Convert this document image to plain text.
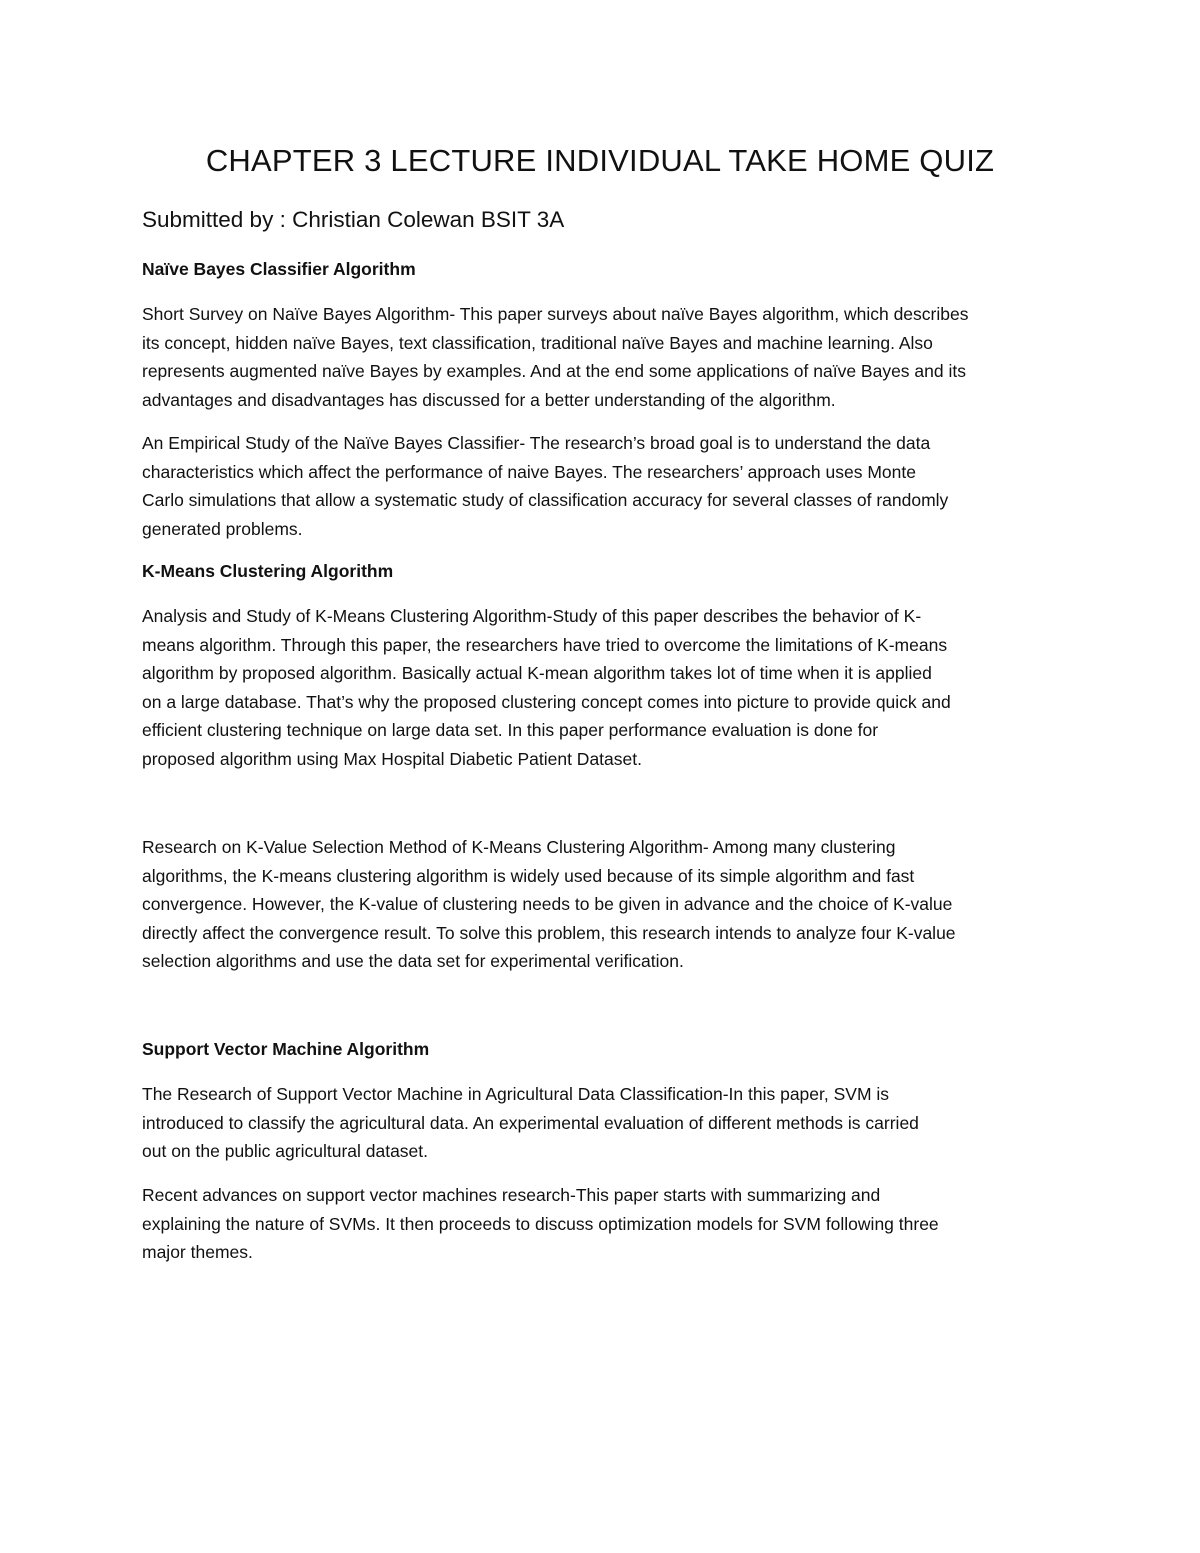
CHAPTER 3 LECTURE INDIVIDUAL TAKE HOME QUIZ
Submitted by : Christian Colewan BSIT 3A
Naïve Bayes Classifier Algorithm
Short Survey on Naïve Bayes Algorithm- This paper surveys about naïve Bayes algorithm, which describes
its concept, hidden naïve Bayes, text classification, traditional naïve Bayes and machine learning. Also
represents augmented naïve Bayes by examples. And at the end some applications of naïve Bayes and its
advantages and disadvantages has discussed for a better understanding of the algorithm.
An Empirical Study of the Naïve Bayes Classifier- The research’s broad goal is to understand the data
characteristics which affect the performance of naive Bayes. The researchers’ approach uses Monte
Carlo simulations that allow a systematic study of classification accuracy for several classes of randomly
generated problems.
K-Means Clustering Algorithm
Analysis and Study of K-Means Clustering Algorithm-Study of this paper describes the behavior of K-
means algorithm. Through this paper, the researchers have tried to overcome the limitations of K-means
algorithm by proposed algorithm. Basically actual K-mean algorithm takes lot of time when it is applied
on a large database. That’s why the proposed clustering concept comes into picture to provide quick and
efficient clustering technique on large data set. In this paper performance evaluation is done for
proposed algorithm using Max Hospital Diabetic Patient Dataset.
Research on K-Value Selection Method of K-Means Clustering Algorithm- Among many clustering
algorithms, the K-means clustering algorithm is widely used because of its simple algorithm and fast
convergence. However, the K-value of clustering needs to be given in advance and the choice of K-value
directly affect the convergence result. To solve this problem, this research intends to analyze four K-value
selection algorithms and use the data set for experimental verification.
Support Vector Machine Algorithm
The Research of Support Vector Machine in Agricultural Data Classification-In this paper, SVM is
introduced to classify the agricultural data. An experimental evaluation of different methods is carried
out on the public agricultural dataset.
Recent advances on support vector machines research-This paper starts with summarizing and
explaining the nature of SVMs. It then proceeds to discuss optimization models for SVM following three
major themes.
